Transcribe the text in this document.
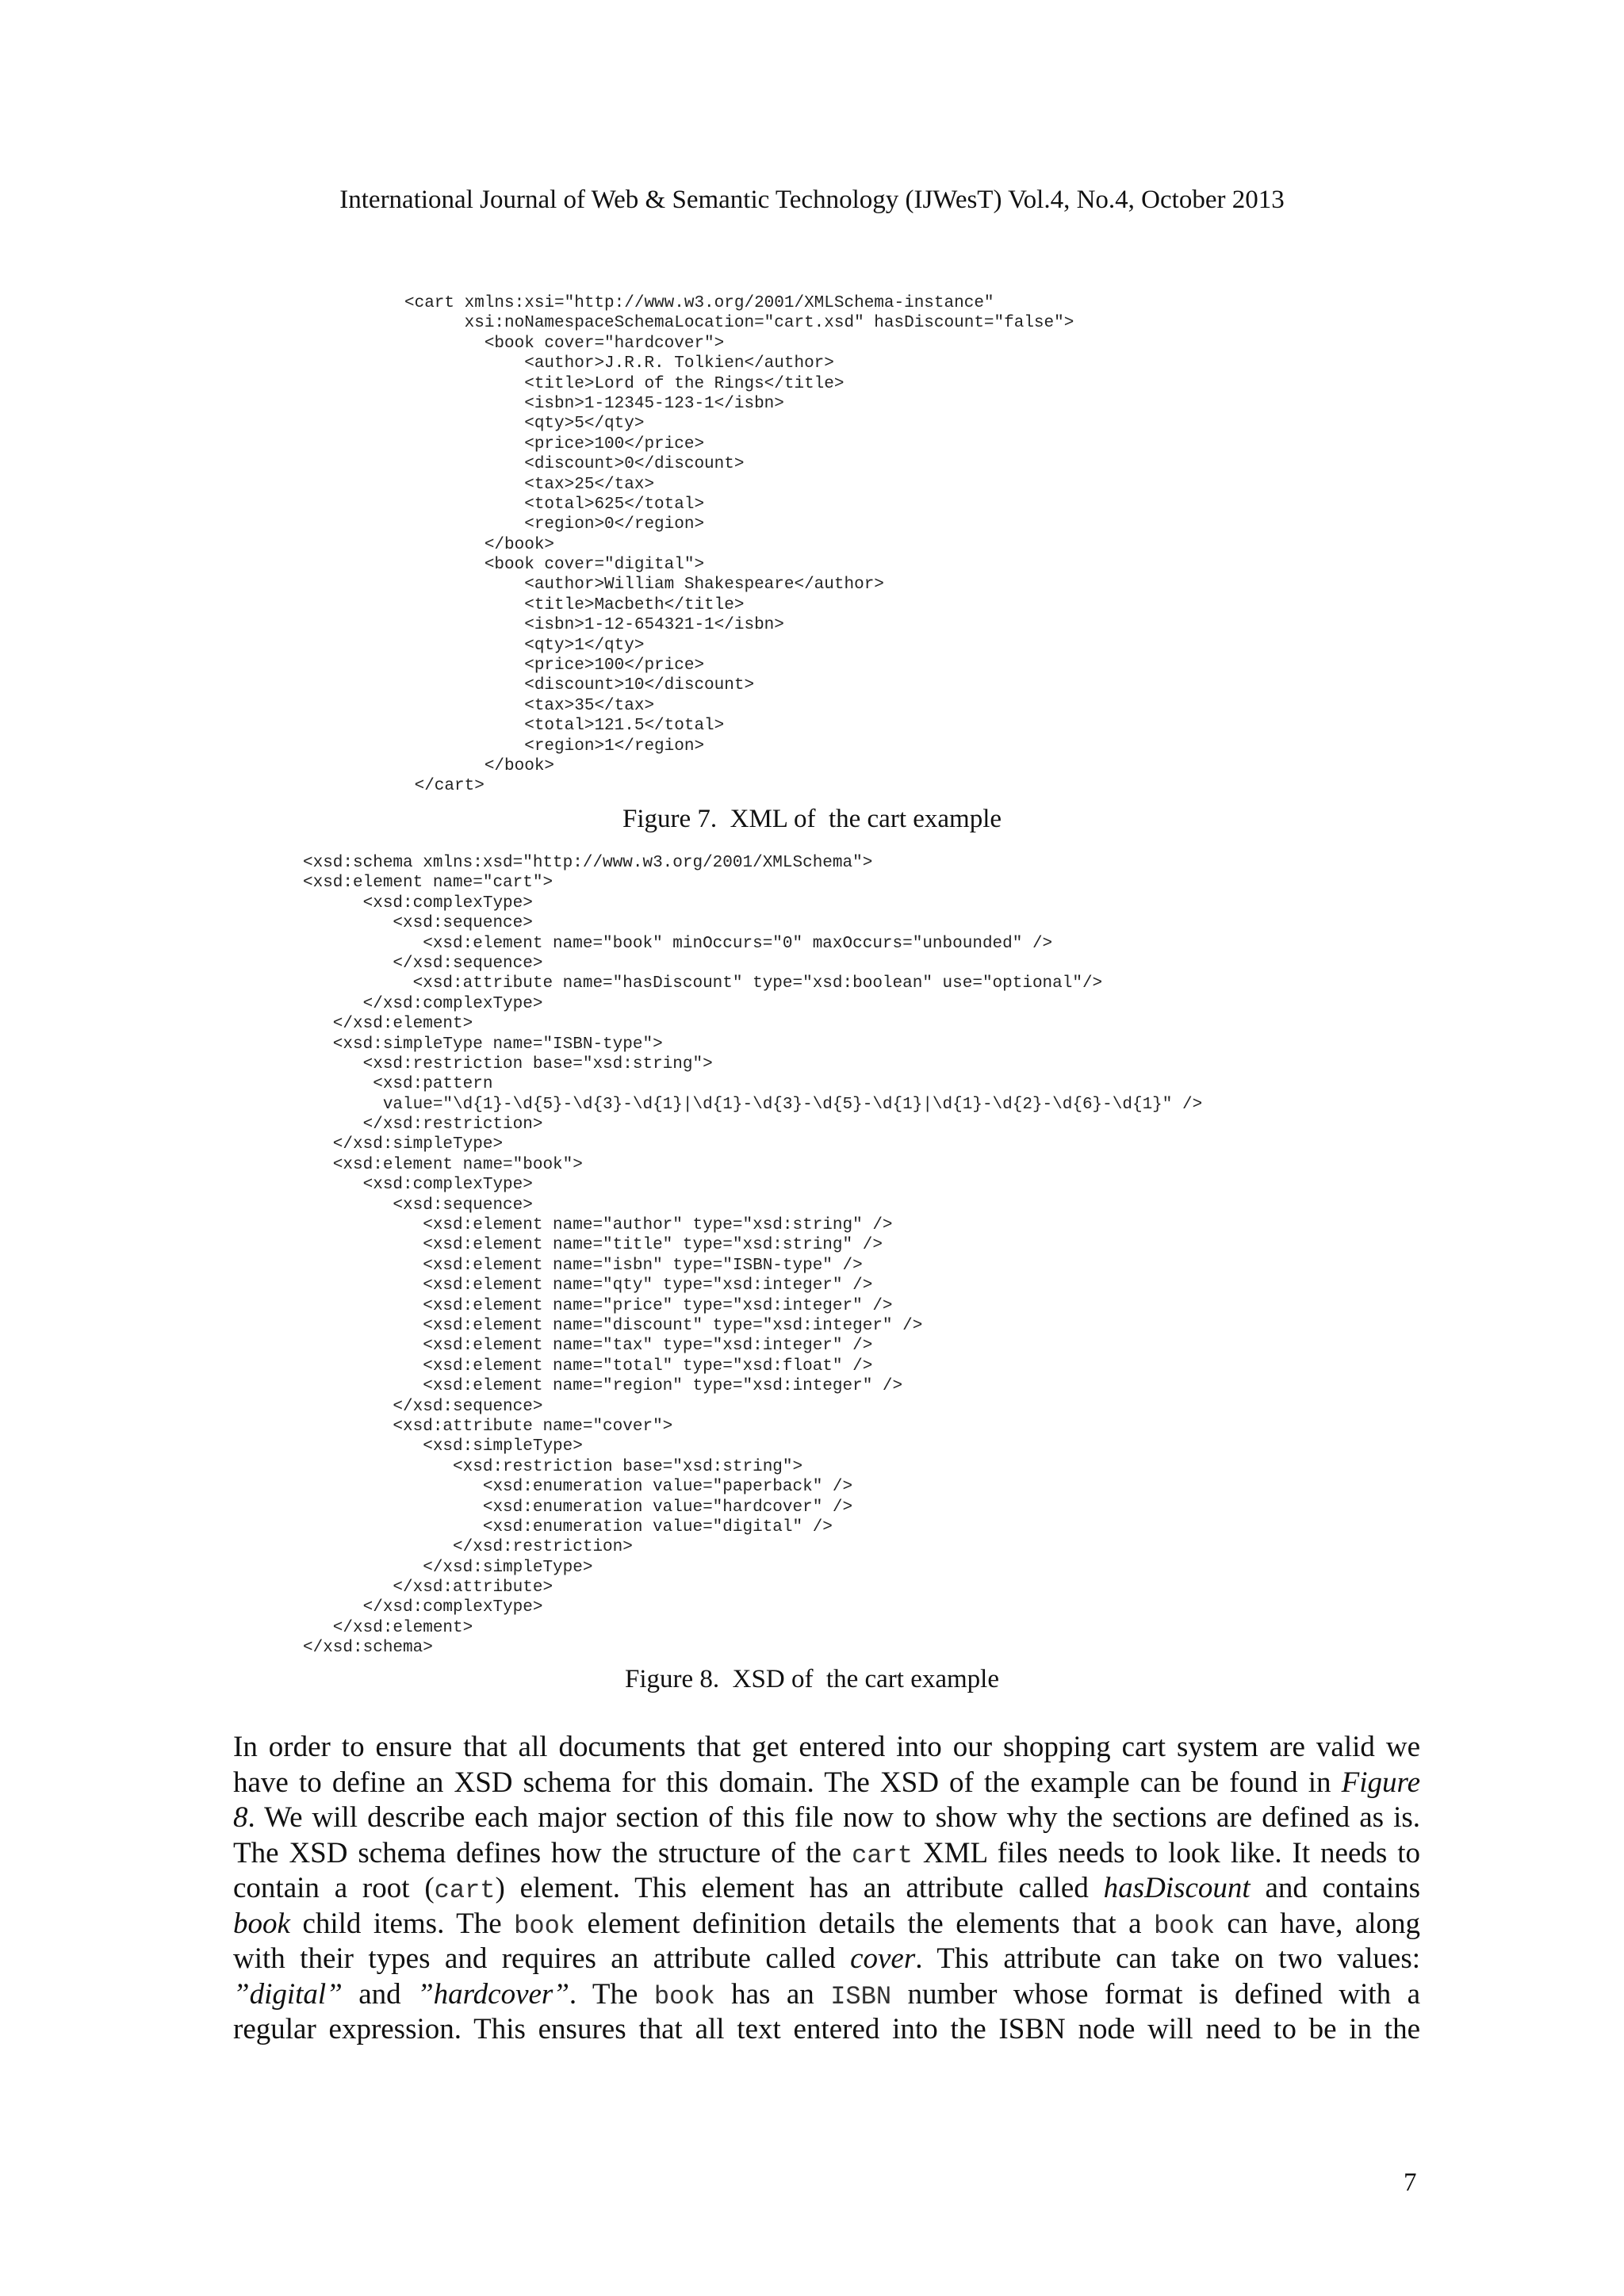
International Journal of Web & Semantic Technology (IJWesT) Vol.4, No.4, October 2013
<cart xmlns:xsi="http://www.w3.org/2001/XMLSchema-instance"
xsi:noNamespaceSchemaLocation="cart.xsd" hasDiscount="false">
<book cover="hardcover">
<author>J.R.R. Tolkien</author>
<title>Lord of the Rings</title>
<isbn>1-12345-123-1</isbn>
<qty>5</qty>
<price>100</price>
<discount>0</discount>
<tax>25</tax>
<total>625</total>
<region>0</region>
</book>
<book cover="digital">
<author>William Shakespeare</author>
<title>Macbeth</title>
<isbn>1-12-654321-1</isbn>
<qty>1</qty>
<price>100</price>
<discount>10</discount>
<tax>35</tax>
<total>121.5</total>
<region>1</region>
</book>
</cart>
Figure 7.  XML of  the cart example
<xsd:schema xmlns:xsd="http://www.w3.org/2001/XMLSchema">
<xsd:element name="cart">
<xsd:complexType>
<xsd:sequence>
<xsd:element name="book" minOccurs="0" maxOccurs="unbounded" />
</xsd:sequence>
<xsd:attribute name="hasDiscount" type="xsd:boolean" use="optional"/>
</xsd:complexType>
</xsd:element>
<xsd:simpleType name="ISBN-type">
<xsd:restriction base="xsd:string">
<xsd:pattern
value="\d{1}-\d{5}-\d{3}-\d{1}|\d{1}-\d{3}-\d{5}-\d{1}|\d{1}-\d{2}-\d{6}-\d{1}" />
</xsd:restriction>
</xsd:simpleType>
<xsd:element name="book">
<xsd:complexType>
<xsd:sequence>
<xsd:element name="author" type="xsd:string" />
<xsd:element name="title" type="xsd:string" />
<xsd:element name="isbn" type="ISBN-type" />
<xsd:element name="qty" type="xsd:integer" />
<xsd:element name="price" type="xsd:integer" />
<xsd:element name="discount" type="xsd:integer" />
<xsd:element name="tax" type="xsd:integer" />
<xsd:element name="total" type="xsd:float" />
<xsd:element name="region" type="xsd:integer" />
</xsd:sequence>
<xsd:attribute name="cover">
<xsd:simpleType>
<xsd:restriction base="xsd:string">
<xsd:enumeration value="paperback" />
<xsd:enumeration value="hardcover" />
<xsd:enumeration value="digital" />
</xsd:restriction>
</xsd:simpleType>
</xsd:attribute>
</xsd:complexType>
</xsd:element>
</xsd:schema>
Figure 8.  XSD of  the cart example
In order to ensure that all documents that get entered into our shopping cart system are valid we
have to define an XSD schema for this domain. The XSD of the example can be found in Figure
8. We will describe each major section of this file now to show why the sections are defined as is.
The XSD schema defines how the structure of the cart XML files needs to look like. It needs to
contain a root (cart) element. This element has an attribute called hasDiscount and contains
book child items. The book element definition details the elements that a book can have, along
with their types and requires an attribute called cover. This attribute can take on two values:
”digital” and ”hardcover”. The book has an ISBN number whose format is defined with a
regular expression. This ensures that all text entered into the ISBN node will need to be in the
7
